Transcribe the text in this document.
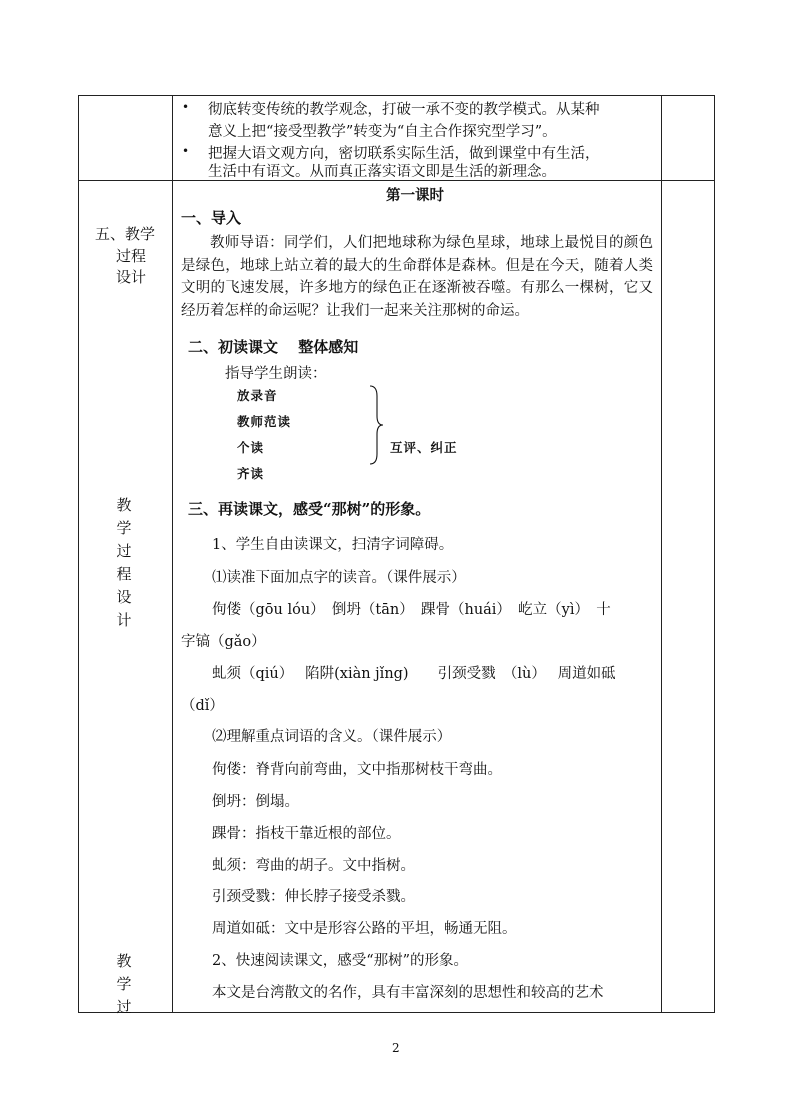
• 彻底转变传统的教学观念，打破一承不变的教学模式。从某种
意义上把“接受型教学”转变为“自主合作探究型学习”。
• 把握大语文观方向，密切联系实际生活，做到课堂中有生活，
生活中有语文。从而真正落实语文即是生活的新理念。
五、教学
过程
设计
教学过程设计
教学过
第一课时
一、导入
教师导语：同学们，人们把地球称为绿色星球，地球上最悦目的颜色是绿色，地球上站立着的最大的生命群体是森林。但是在今天，随着人类文明的飞速发展，许多地方的绿色正在逐渐被吞噬。有那么一棵树，它又经历着怎样的命运呢？让我们一起来关注那树的命运。
二、初读课文　 整体感知
指导学生朗读：
放录音
教师范读
个读
齐读
互评、纠正
三、再读课文，感受“那树”的形象。
1、学生自由读课文，扫清字词障碍。
⑴读准下面加点字的读音。（课件展示）
佝偻（gōu lóu）　倒坍（tān）　踝骨（huái）　屹立（yì）　十
字镐（gǎo）
虬须（qiú）　 陷阱(xiàn jǐng)　　引颈受戮　（lù）　 周道如砥
（dǐ）
⑵理解重点词语的含义。（课件展示）
佝偻：脊背向前弯曲，文中指那树枝干弯曲。
倒坍：倒塌。
踝骨：指枝干靠近根的部位。
虬须：弯曲的胡子。文中指树。
引颈受戮：伸长脖子接受杀戮。
周道如砥：文中是形容公路的平坦，畅通无阻。
2、快速阅读课文，感受“那树”的形象。
本文是台湾散文的名作，具有丰富深刻的思想性和较高的艺术
2
